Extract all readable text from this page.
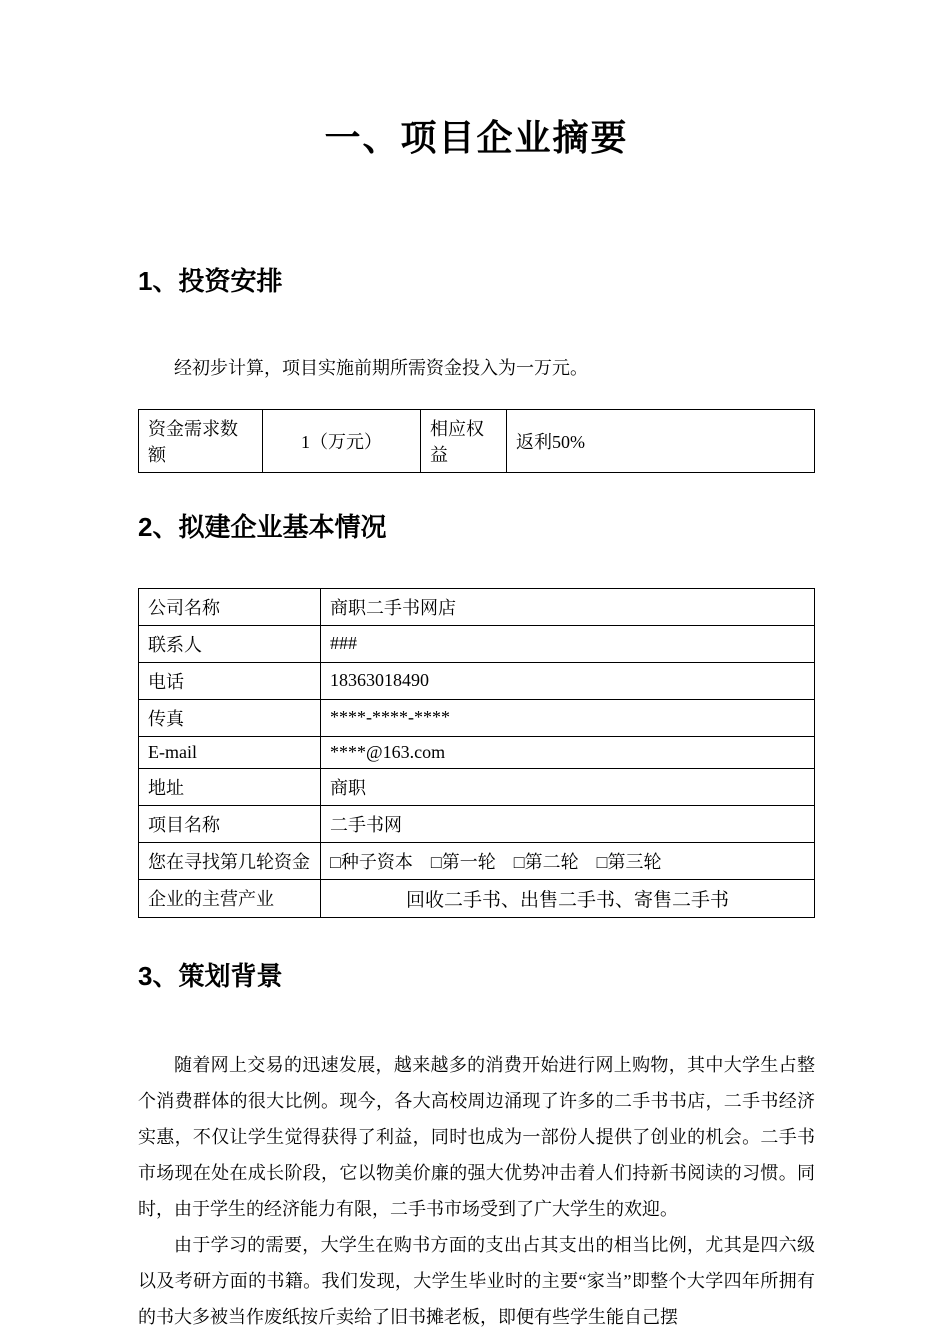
一、项目企业摘要
1、投资安排

经初步计算，项目实施前期所需资金投入为一万元。

资金需求数额	1（万元）	相应权益	返利50%
2、拟建企业基本情况
公司名称	商职二手书网店
联系人	###
电话	18363018490
传真	****-****-****
E-mail	****@163.com
地址	商职
项目名称	二手书网
您在寻找第几轮资金	□种子资本　□第一轮　□第二轮　□第三轮
企业的主营产业	回收二手书、出售二手书、寄售二手书
3、策划背景

随着网上交易的迅速发展，越来越多的消费开始进行网上购物，其中大学生占整个消费群体的很大比例。现今，各大高校周边涌现了许多的二手书书店，二手书经济实惠，不仅让学生觉得获得了利益，同时也成为一部份人提供了创业的机会。二手书市场现在处在成长阶段，它以物美价廉的强大优势冲击着人们持新书阅读的习惯。同时，由于学生的经济能力有限，二手书市场受到了广大学生的欢迎。

由于学习的需要，大学生在购书方面的支出占其支出的相当比例，尤其是四六级以及考研方面的书籍。我们发现，大学生毕业时的主要“家当”即整个大学四年所拥有的书大多被当作废纸按斤卖给了旧书摊老板，即便有些学生能自己摆
